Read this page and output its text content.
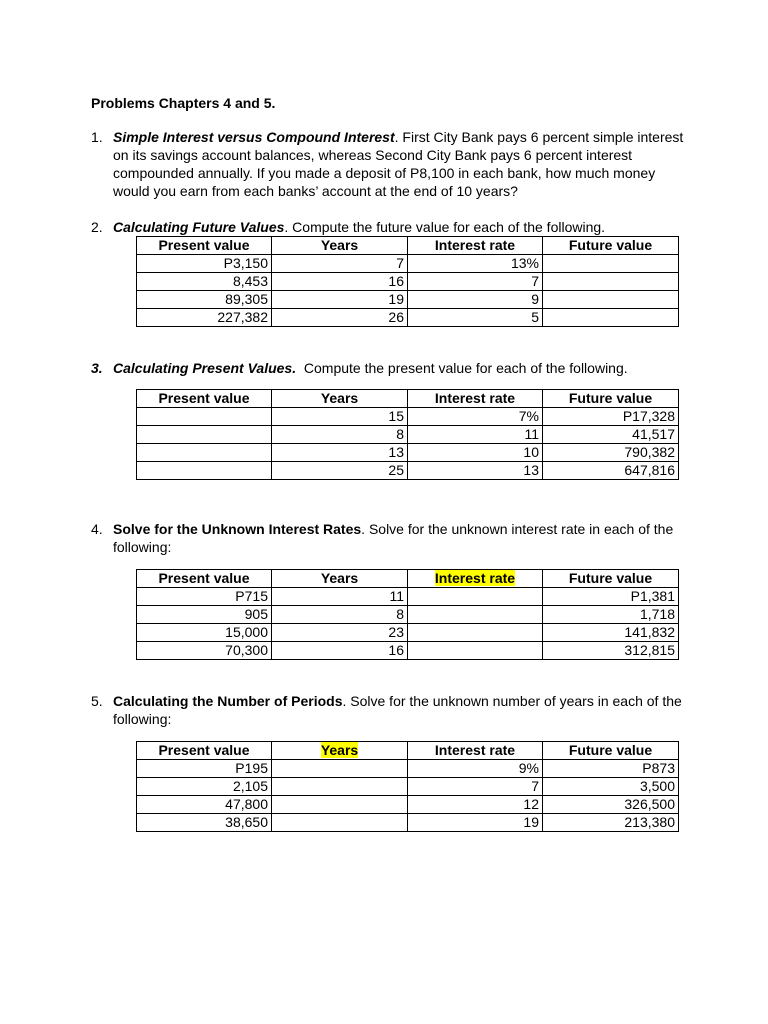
Problems Chapters 4 and 5.
1. Simple Interest versus Compound Interest. First City Bank pays 6 percent simple interest on its savings account balances, whereas Second City Bank pays 6 percent interest compounded annually. If you made a deposit of P8,100 in each bank, how much money would you earn from each banks’ account at the end of 10 years?
2. Calculating Future Values. Compute the future value for each of the following.
Present value	Years	Interest rate	Future value
P3,150	7	13%	
8,453	16	7	
89,305	19	9	
227,382	26	5	
3. Calculating Present Values.  Compute the present value for each of the following.
Present value	Years	Interest rate	Future value
	15	7%	P17,328
	8	11	41,517
	13	10	790,382
	25	13	647,816
4. Solve for the Unknown Interest Rates. Solve for the unknown interest rate in each of the following:
Present value	Years	Interest rate	Future value
P715	11		P1,381
905	8		1,718
15,000	23		141,832
70,300	16		312,815
5. Calculating the Number of Periods. Solve for the unknown number of years in each of the following:
Present value	Years	Interest rate	Future value
P195		9%	P873
2,105		7	3,500
47,800		12	326,500
38,650		19	213,380
